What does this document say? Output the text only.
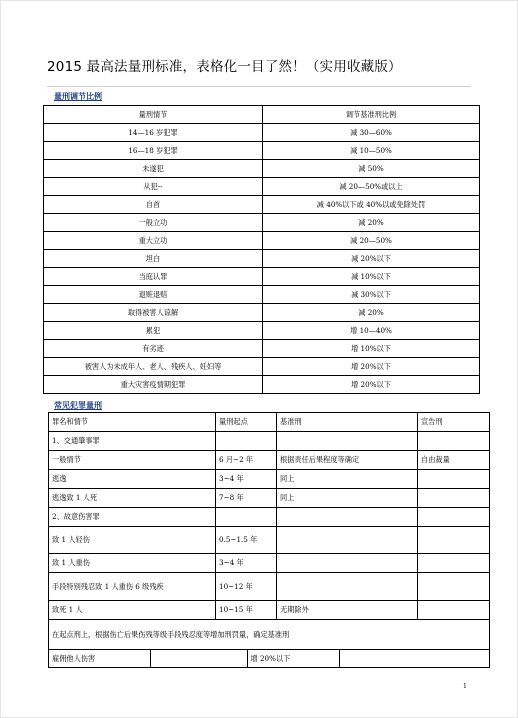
2015 最高法量刑标准，表格化一目了然！（实用收藏版）
量刑调节比例
量刑情节	调节基准刑比例
14—16 岁犯罪	减 30—60%
16—18 岁犯罪	减 10—50%
未遂犯	减 50%
从犯--	减 20—50%或以上
自首	减 40%以下或 40%以或免除处罚
一般立功	减 20%
重大立功	减 20—50%
坦白	减 20%以下
当庭认罪	减 10%以下
退赃退赔	减 30%以下
取得被害人谅解	减 20%
累犯	增 10—40%
有劣迹	增 10%以下
被害人为未成年人、老人、残疾人、妊妇等	增 20%以下
重大灾害疫情期犯罪	增 20%以下
常见犯罪量刑
罪名和情节	量刑起点	基准刑	宣告刑
1、交通肇事罪			
一般情节	6 月~2 年	根据责任后果程度等确定	自由裁量
逃逸	3~4 年	同上	
逃逸致 1 人死	7~8 年	同上	
2、故意伤害罪			
致 1 人轻伤	0.5~1.5 年		
致 1 人重伤	3~4 年		
手段特别残忍致 1 人重伤 6 级残疾	10~12 年		
致死 1 人	10~15 年	无期除外	
在起点刑上，根据伤亡后果伤残等级手段残忍度等增加刑罚量，确定基准刑

雇佣他人伤害		增 20%以下	
1
